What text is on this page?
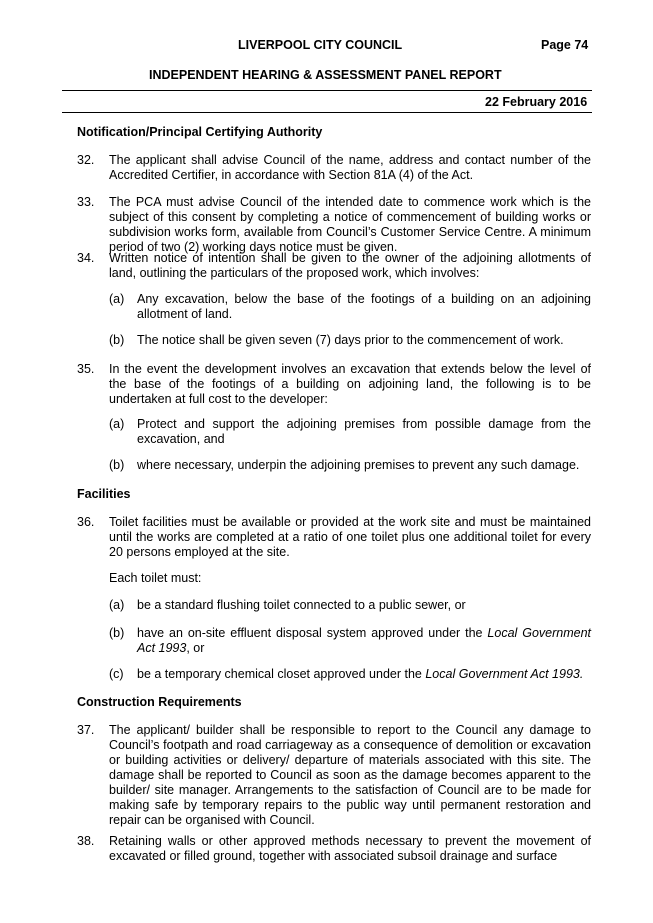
LIVERPOOL CITY COUNCIL	Page 74
INDEPENDENT HEARING & ASSESSMENT PANEL REPORT
22 February 2016
Notification/Principal Certifying Authority
32. The applicant shall advise Council of the name, address and contact number of the Accredited Certifier, in accordance with Section 81A (4) of the Act.
33. The PCA must advise Council of the intended date to commence work which is the subject of this consent by completing a notice of commencement of building works or subdivision works form, available from Council’s Customer Service Centre. A minimum period of two (2) working days notice must be given.
34. Written notice of intention shall be given to the owner of the adjoining allotments of land, outlining the particulars of the proposed work, which involves:
(a) Any excavation, below the base of the footings of a building on an adjoining allotment of land.
(b) The notice shall be given seven (7) days prior to the commencement of work.
35. In the event the development involves an excavation that extends below the level of the base of the footings of a building on adjoining land, the following is to be undertaken at full cost to the developer:
(a) Protect and support the adjoining premises from possible damage from the excavation, and
(b) where necessary, underpin the adjoining premises to prevent any such damage.
Facilities
36. Toilet facilities must be available or provided at the work site and must be maintained until the works are completed at a ratio of one toilet plus one additional toilet for every 20 persons employed at the site.
Each toilet must:
(a) be a standard flushing toilet connected to a public sewer, or
(b) have an on-site effluent disposal system approved under the Local Government Act 1993, or
(c) be a temporary chemical closet approved under the Local Government Act 1993.
Construction Requirements
37. The applicant/ builder shall be responsible to report to the Council any damage to Council’s footpath and road carriageway as a consequence of demolition or excavation or building activities or delivery/ departure of materials associated with this site. The damage shall be reported to Council as soon as the damage becomes apparent to the builder/ site manager. Arrangements to the satisfaction of Council are to be made for making safe by temporary repairs to the public way until permanent restoration and repair can be organised with Council.
38. Retaining walls or other approved methods necessary to prevent the movement of excavated or filled ground, together with associated subsoil drainage and surface
